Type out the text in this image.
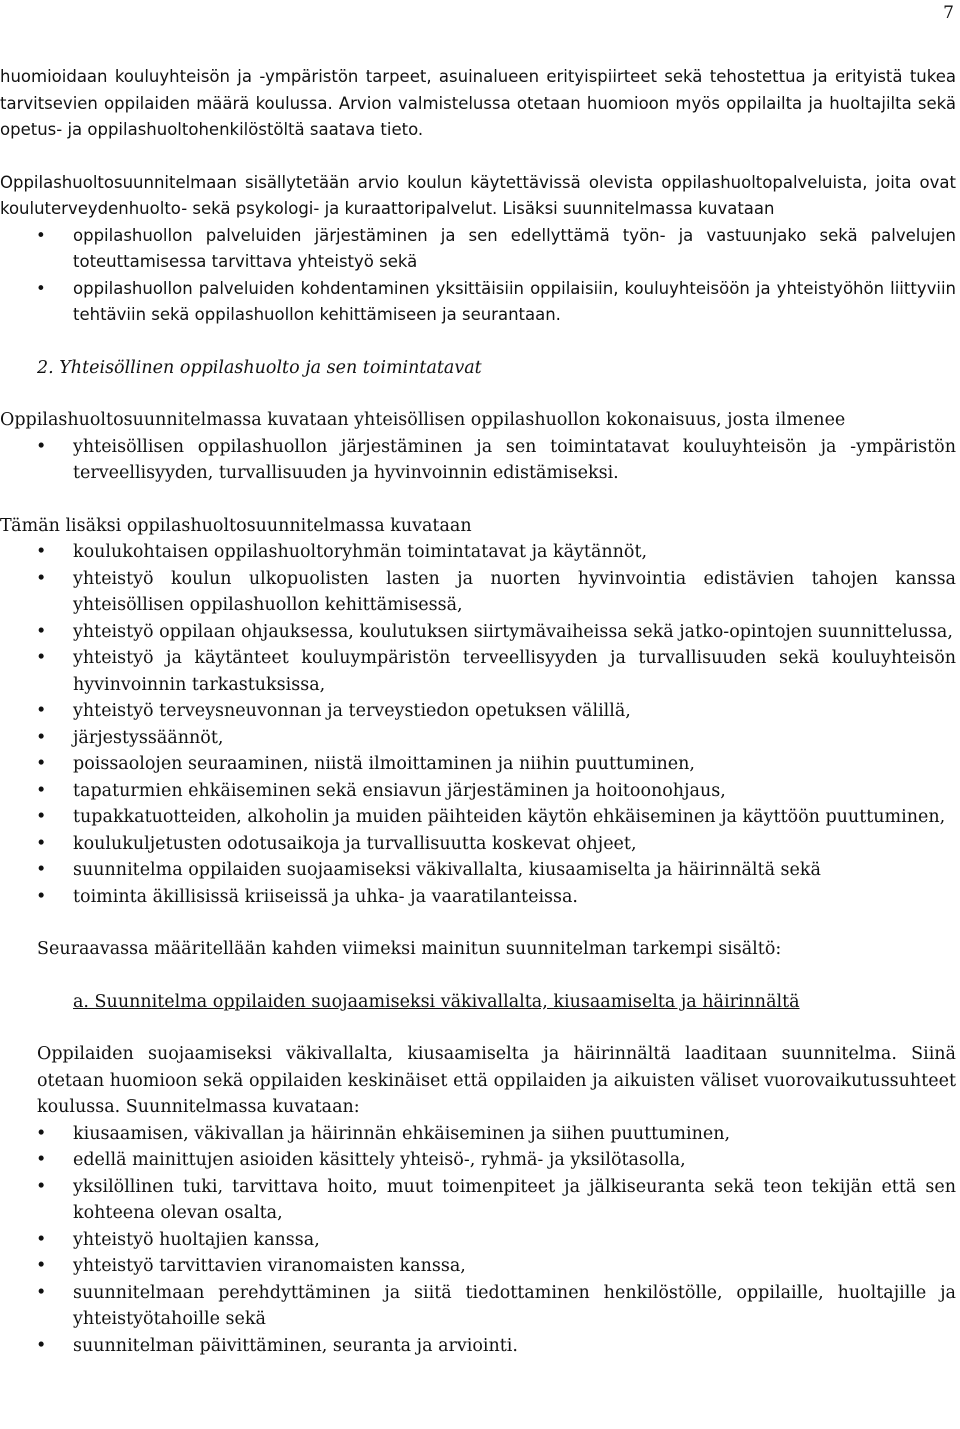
7

huomioidaan kouluyhteisön ja -ympäristön tarpeet, asuinalueen erityispiirteet sekä tehostettua ja erityistä tukea tarvitsevien oppilaiden määrä koulussa. Arvion valmistelussa otetaan huomioon myös oppilailta ja huoltajilta sekä opetus- ja oppilashuoltohenkilöstöltä saatava tieto.

Oppilashuoltosuunnitelmaan sisällytetään arvio koulun käytettävissä olevista oppilashuoltopalveluista, joita ovat kouluterveydenhuolto- sekä psykologi- ja kuraattoripalvelut. Lisäksi suunnitelmassa kuvataan

• oppilashuollon palveluiden järjestäminen ja sen edellyttämä työn- ja vastuunjako sekä palvelujen toteuttamisessa tarvittava yhteistyö sekä
• oppilashuollon palveluiden kohdentaminen yksittäisiin oppilaisiin, kouluyhteisöön ja yhteistyöhön liittyviin tehtäviin sekä oppilashuollon kehittämiseen ja seurantaan.

2. Yhteisöllinen oppilashuolto ja sen toimintatavat

Oppilashuoltosuunnitelmassa kuvataan yhteisöllisen oppilashuollon kokonaisuus, josta ilmenee

• yhteisöllisen oppilashuollon järjestäminen ja sen toimintatavat kouluyhteisön ja -ympäristön terveellisyyden, turvallisuuden ja hyvinvoinnin edistämiseksi.

Tämän lisäksi oppilashuoltosuunnitelmassa kuvataan

• koulukohtaisen oppilashuoltoryhmän toimintatavat ja käytännöt,
• yhteistyö koulun ulkopuolisten lasten ja nuorten hyvinvointia edistävien tahojen kanssa yhteisöllisen oppilashuollon kehittämisessä,
• yhteistyö oppilaan ohjauksessa, koulutuksen siirtymävaiheissa sekä jatko-opintojen suunnittelussa,
• yhteistyö ja käytänteet kouluympäristön terveellisyyden ja turvallisuuden sekä kouluyhteisön hyvinvoinnin tarkastuksissa,
• yhteistyö terveysneuvonnan ja terveystiedon opetuksen välillä,
• järjestyssäännöt,
• poissaolojen seuraaminen, niistä ilmoittaminen ja niihin puuttuminen,
• tapaturmien ehkäiseminen sekä ensiavun järjestäminen ja hoitoonohjaus,
• tupakkatuotteiden, alkoholin ja muiden päihteiden käytön ehkäiseminen ja käyttöön puuttuminen,
• koulukuljetusten odotusaikoja ja turvallisuutta koskevat ohjeet,
• suunnitelma oppilaiden suojaamiseksi väkivallalta, kiusaamiselta ja häirinnältä sekä
• toiminta äkillisissä kriiseissä ja uhka- ja vaaratilanteissa.

Seuraavassa määritellään kahden viimeksi mainitun suunnitelman tarkempi sisältö:

a. Suunnitelma oppilaiden suojaamiseksi väkivallalta, kiusaamiselta ja häirinnältä

Oppilaiden suojaamiseksi väkivallalta, kiusaamiselta ja häirinnältä laaditaan suunnitelma. Siinä otetaan huomioon sekä oppilaiden keskinäiset että oppilaiden ja aikuisten väliset vuorovaikutussuhteet koulussa. Suunnitelmassa kuvataan:

• kiusaamisen, väkivallan ja häirinnän ehkäiseminen ja siihen puuttuminen,
• edellä mainittujen asioiden käsittely yhteisö-, ryhmä- ja yksilötasolla,
• yksilöllinen tuki, tarvittava hoito, muut toimenpiteet ja jälkiseuranta sekä teon tekijän että sen kohteena olevan osalta,
• yhteistyö huoltajien kanssa,
• yhteistyö tarvittavien viranomaisten kanssa,
• suunnitelmaan perehdyttäminen ja siitä tiedottaminen henkilöstölle, oppilaille, huoltajille ja yhteistyötahoille sekä
• suunnitelman päivittäminen, seuranta ja arviointi.
